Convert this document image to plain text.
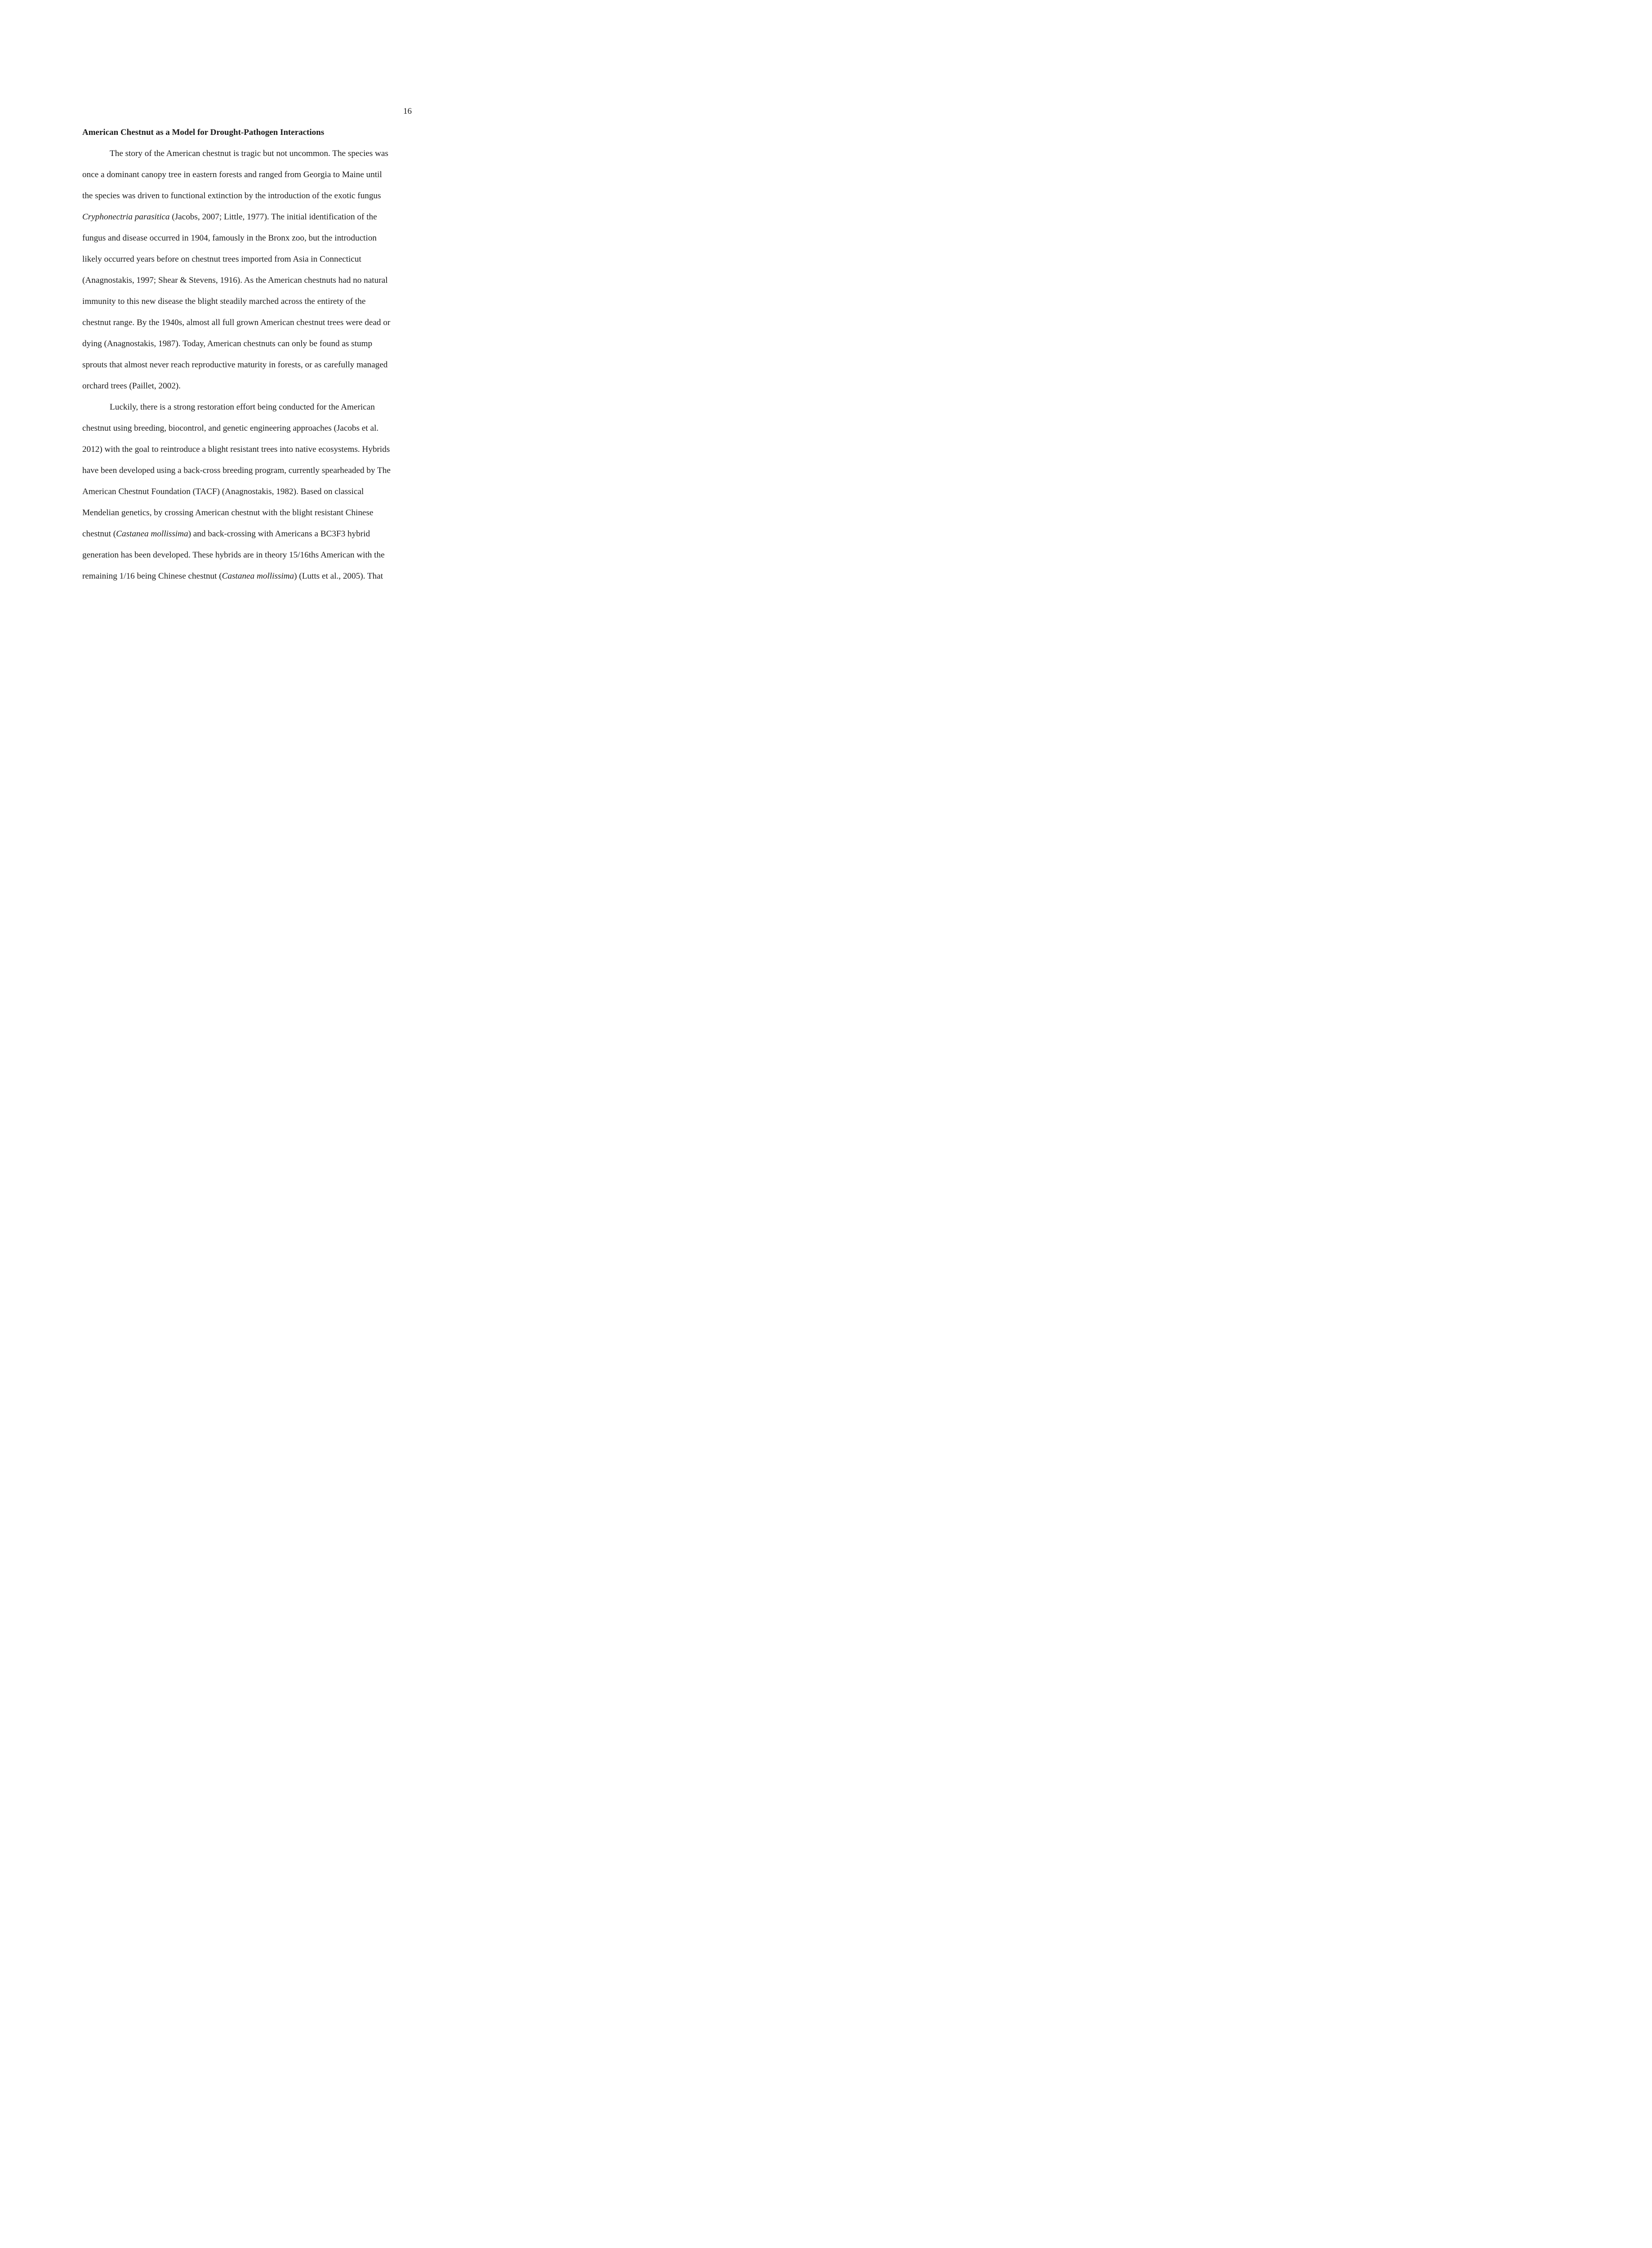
16
American Chestnut as a Model for Drought-Pathogen Interactions
The story of the American chestnut is tragic but not uncommon. The species was
once a dominant canopy tree in eastern forests and ranged from Georgia to Maine until
the species was driven to functional extinction by the introduction of the exotic fungus
Cryphonectria parasitica (Jacobs, 2007; Little, 1977). The initial identification of the
fungus and disease occurred in 1904, famously in the Bronx zoo, but the introduction
likely occurred years before on chestnut trees imported from Asia in Connecticut
(Anagnostakis, 1997; Shear & Stevens, 1916). As the American chestnuts had no natural
immunity to this new disease the blight steadily marched across the entirety of the
chestnut range. By the 1940s, almost all full grown American chestnut trees were dead or
dying (Anagnostakis, 1987). Today, American chestnuts can only be found as stump
sprouts that almost never reach reproductive maturity in forests, or as carefully managed
orchard trees (Paillet, 2002).
Luckily, there is a strong restoration effort being conducted for the American
chestnut using breeding, biocontrol, and genetic engineering approaches (Jacobs et al.
2012) with the goal to reintroduce a blight resistant trees into native ecosystems. Hybrids
have been developed using a back-cross breeding program, currently spearheaded by The
American Chestnut Foundation (TACF) (Anagnostakis, 1982). Based on classical
Mendelian genetics, by crossing American chestnut with the blight resistant Chinese
chestnut (Castanea mollissima) and back-crossing with Americans a BC3F3 hybrid
generation has been developed. These hybrids are in theory 15/16ths American with the
remaining 1/16 being Chinese chestnut (Castanea mollissima) (Lutts et al., 2005). That
